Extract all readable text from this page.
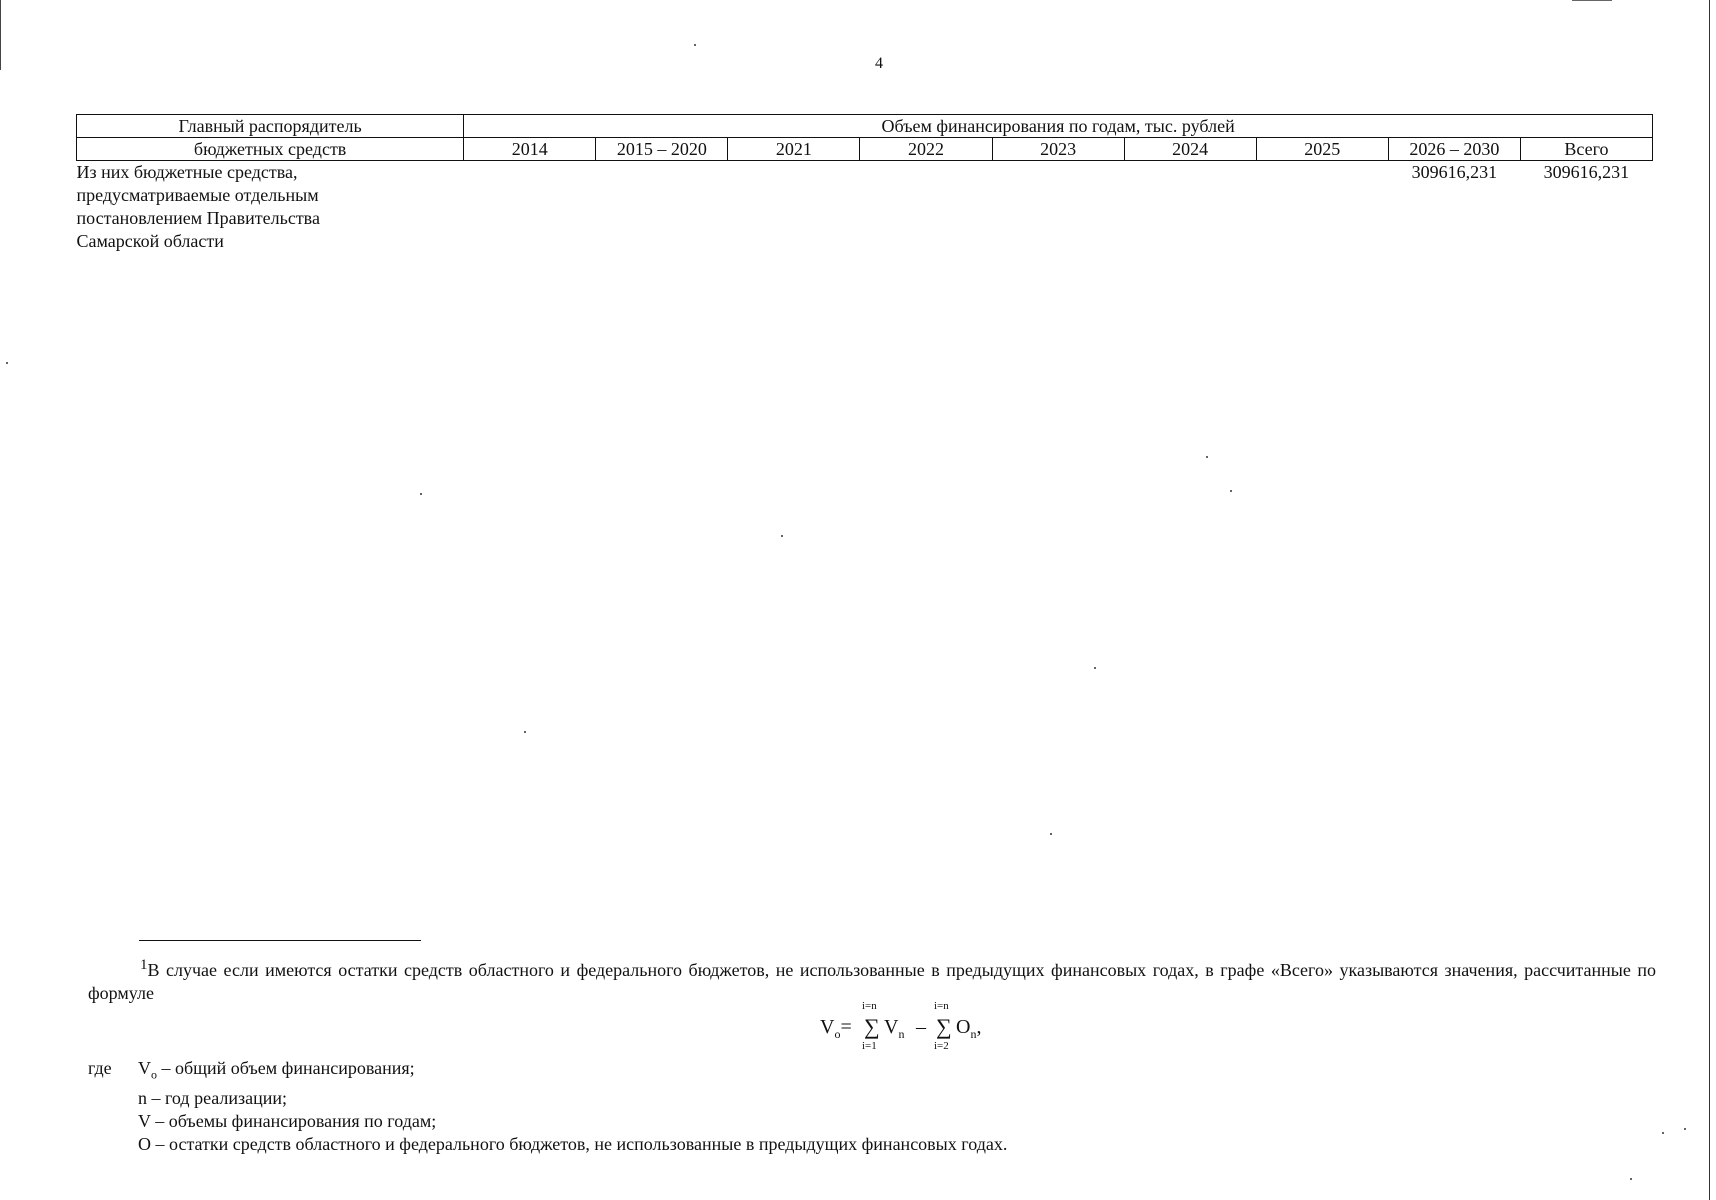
4
Главный распорядитель	Объем финансирования по годам, тыс. рублей								
бюджетных средств	2014	2015 – 2020	2021	2022	2023	2024	2025	2026 – 2030	Всего
Из них бюджетные средства,
предусматриваемые отдельным
постановлением Правительства
Самарской области								309616,231	309616,231
$^1$В случае если имеются остатки средств областного и федерального бюджетов, не использованные в предыдущих финансовых годах, в графе «Всего» указываются значения, рассчитанные по формуле
$V_o=$
i=n
∑
i=1
$V_n$ –
i=n
∑
i=2
$O_n$,
где $V_o$ – общий объем финансирования;
n – год реализации;
V – объемы финансирования по годам;
O – остатки средств областного и федерального бюджетов, не использованные в предыдущих финансовых годах.
